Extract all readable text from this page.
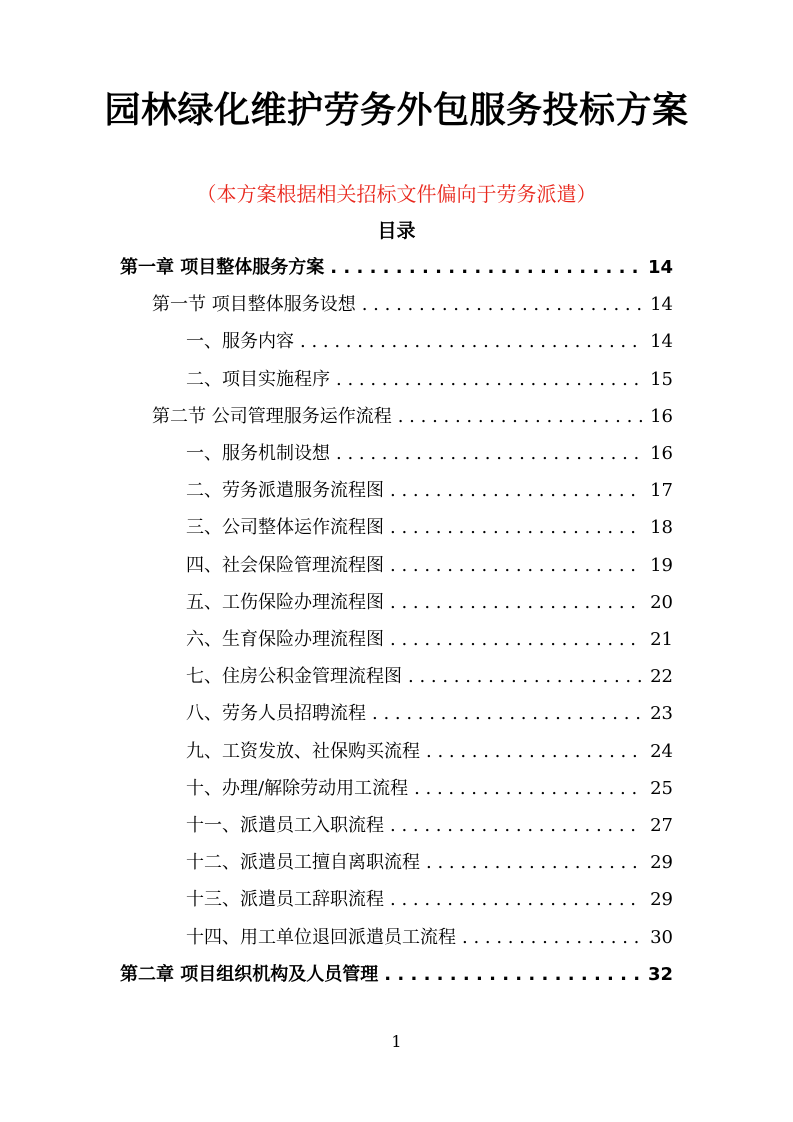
园林绿化维护劳务外包服务投标方案
（本方案根据相关招标文件偏向于劳务派遣）
目录
第一章 项目整体服务方案 . . .	14
第一节 项目整体服务设想 . . .	14
一、服务内容 . . .	14
二、项目实施程序 . . .	15
第二节 公司管理服务运作流程 . . .	16
一、服务机制设想 . . .	16
二、劳务派遣服务流程图 . . .	17
三、公司整体运作流程图 . . .	18
四、社会保险管理流程图 . . .	19
五、工伤保险办理流程图 . . .	20
六、生育保险办理流程图 . . .	21
七、住房公积金管理流程图 . . .	22
八、劳务人员招聘流程 . . .	23
九、工资发放、社保购买流程 . . .	24
十、办理/解除劳动用工流程 . . .	25
十一、派遣员工入职流程 . . .	27
十二、派遣员工擅自离职流程 . . .	29
十三、派遣员工辞职流程 . . .	29
十四、用工单位退回派遣员工流程 . . .	30
第二章 项目组织机构及人员管理 . . .	32
1
